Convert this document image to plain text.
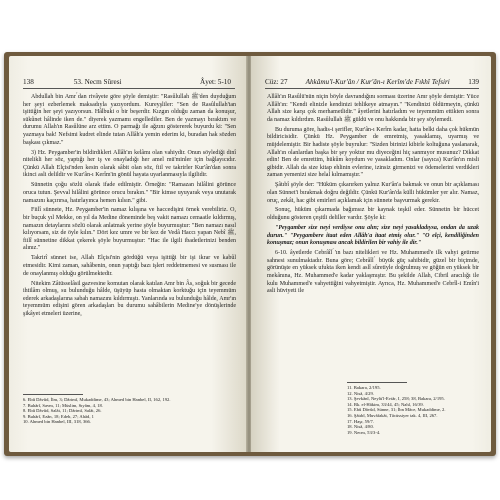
138	53. Necm Sûresi	Âyet: 5-10

Abdullah bin Amr ́dan rivâyete göre şöyle demiştir: "Rasûlullah ﷺ'den duyduğum her şeyi ezberlemek maksadıyla yazıyordum. Kureyşliler: "Sen de Rasûlullah'tan işittiğin her şeyi yazıyorsun. Hâlbuki o bir beşerdir. Kızgın olduğu zaman da konuşur, sükûnet hâlinde iken de." diyerek yazmamı engellediler. Ben de yazmayı bıraktım ve durumu Allah'ın Rasûlüne arz ettim. O parmağı ile ağzını göstererek buyurdu ki: "Sen yazmaya bak! Nefsimi kudret elinde tutan Allâh'a yemin ederim ki, buradan hak sözden başkası çıkmaz."

3) Hz. Peygamber'in bildirdikleri Allâh'ın kelâmı olan vahiydir. Onun söylediği dinî nitelikli her söz, yaptığı her iş ve onayladığı her amel mü'minler için bağlayıcıdır. Çünkü Allah Elçisi'nden kesin olarak sâbit olan söz, fiil ve takrirler Kur'ân'dan sonra ikinci asli delildir ve Kur'ân-ı Kerîm'in gönül hayata uyarlanmasıyla ilgilidir.

Sünnetin çoğu sözlü olarak ifade edilmiştir. Örneğin: "Ramazan hilâlini görünce oruca tutun. Şevval hilâlini görünce orucu bırakın." "Bir kimse uyuyarak veya unutarak namazını kaçırırsa, hatırlayınca hemen kılsın." gibi.

Fiilî sünnete, Hz. Peygamber'in namaz kılışına ve haccedişini örnek verebiliriz. O, bir buçuk yıl Mekke, on yıl da Medine döneminde beş vakit namazı cemaatle kıldırmış, namazın detaylarını sözlü olarak anlatmak yerine şöyle buyurmuştur: "Ben namazı nasıl kılıyorsam, siz de öyle kılın." Dört kez umre ve bir kez de Vedâ Haccı yapan Nebî ﷺ, fiilî sünnetine dikkat çekerek şöyle buyurmuştur: "Hac ile ilgili ibadetlerinizi benden alınız."

Takrirî sünnet ise, Allah Elçisi'nin gördüğü veya işittiği bir işi ikrar ve kabûl etmesidir. Kimi zaman, sahâbenin, onun yaptığı bazı işleri reddetmemesi ve susması ile de onaylanmış olduğu görülmektedir.

Nitekim Zâtüsselâsil gazvesine komutan olarak katılan Amr bin Âs, soğuk bir gecede ihtilâm olmuş, su bulunduğu hâlde, üşüyüp hasta olmaktan korktuğu için teyemmüm ederek arkadaşlarına sabah namazını kıldırmıştı. Yanlarında su bulunduğu hâlde, Amr'ın teyemmüm edişini gören arkadaşları bu durumu sahâbilerin Medine'ye dönüşlerinde şikâyet etmeleri üzerine,

6. Ebû Dâvûd, İlm, 3; Dârimî, Mukaddime, 43; Ahmed bin Hanbel, II, 162, 192.
7. Buhârî, Savm, 11; Müslim, Sıyâm, 4, 18.
8. Ebû Dâvûd, Salât, 11; Dârimî, Salât, 26.
9. Buhârî, Ezân, 18; Edeb, 27; Ahâd, 1
10. Ahmed bin Hanbel, III, 318, 366.
Cüz: 27	Ahkâmu'l-Kur'ân / Kur'ân-ı Kerîm'de Fıkhî Tefsiri	139

Allâh'ın Rasûlü'nün niçin böyle davrandığını sorması üzerine Amr şöyle demiştir: Yüce Allâh'ın: "Kendi elinizle kendinizi tehlikeye atmayın." "Kendinizi öldürmeyin, çünkü Allah size karşı çok merhametlidir." âyetlerini hatırladım ve teyemmüm ettikten sonra da namaz kıldırdım. Rasûlullah ﷺ güldü ve onu hakkında bir şey söylemedi.

Bu duruma göre, hadis-i şerifler, Kur'ân-ı Kerîm kadar, hatta belki daha çok hükmün bildiricisidir. Çünkü Hz. Peygamber de emretmiş, yasaklamış, uyarmış ve müjdelemiştir. Bir hadiste şöyle buyrulur: "Sizden birinizi kibirle koltuğuna yaslanarak, Allah'ın olanlardan başka bir şey yoktur mu diyeceğini hiç sanmıyor musunuz? Dikkat edin! Ben de emrettim, hükûm koydum ve yasakladım. Onlar (sayıca) Kur'ân'ın misli gibidir. Allah da size kitap ehlinin evlerine, izinsiz girmenizi ve ödemelerini verdikleri zaman yemenizi size helal kılmamıştır."

Şâtıbî şöyle der: "Hüküm çıkarırken yalnız Kur'ân'a bakmak ve onun bir açıklaması olan Sünnet'i bırakmak doğru değildir. Çünkü Kur'ân'da külli hükümler yer alır. Namaz, oruç, zekât, hac gibi emirleri açıklamak için sünnete başvurmak gerekir.

Sonuç, hüküm çıkarmada bağımsız bir kaynak teşkil eder. Sünnetin bir hüccet olduğunu gösteren çeşitli deliller vardır. Şöyle ki:

"Peygamber size neyi verdiyse onu alın; size neyi yasakladıysa, ondan da uzak durun." "Peygambere itaat eden Allâh'a itaat etmiş olur." "O elçi, kendiliğinden konuşmaz; onun konuşması ancak bildirilen bir vahiy ile dir."

6-10. âyetlerde Cebrâîl ́'ın bazı nitelikleri ve Hz. Muhammed'e ilk vahyi getirme sahnesi sunulmaktadır. Buna göre; Cebrâîl ́ büyük güç sahibidir, güzel bir biçimde, görünüşte en yüksek ufukta iken kendi aslî sûretiyle doğrulmuş ve göğün en yüksek bir mekânına, Hz. Muhammed'e kadar yaklaşmıştır. Bu şekilde Allah, Cibril aracılığı ile kulu Muhammed'e vahyettiğini vahyetmiştir. Ayrıca, Hz. Muhammed'e Cebrîl-i Emîn'i asli hüviyeti ile

11. Bakara, 2/195.
12. Nisâ, 4/29.
13. Şevkânî, Neylü'l-Evtâr, I, 258; 38, Bakara, 2/195.
14. Bk. el-Hâkim, 33/44, 45; Nahl, 16/39.
15. Ebû Dâvûd, Sünne, 31; İbn Mâce, Mukaddime, 2.
16. Şâtıbî, Muvâfakât, Tâcüssiyer tak. 4, III, 267.
17. Haşr, 59/7.
18. Nisâ, 4/80.
19. Necm, 53/3-4.
